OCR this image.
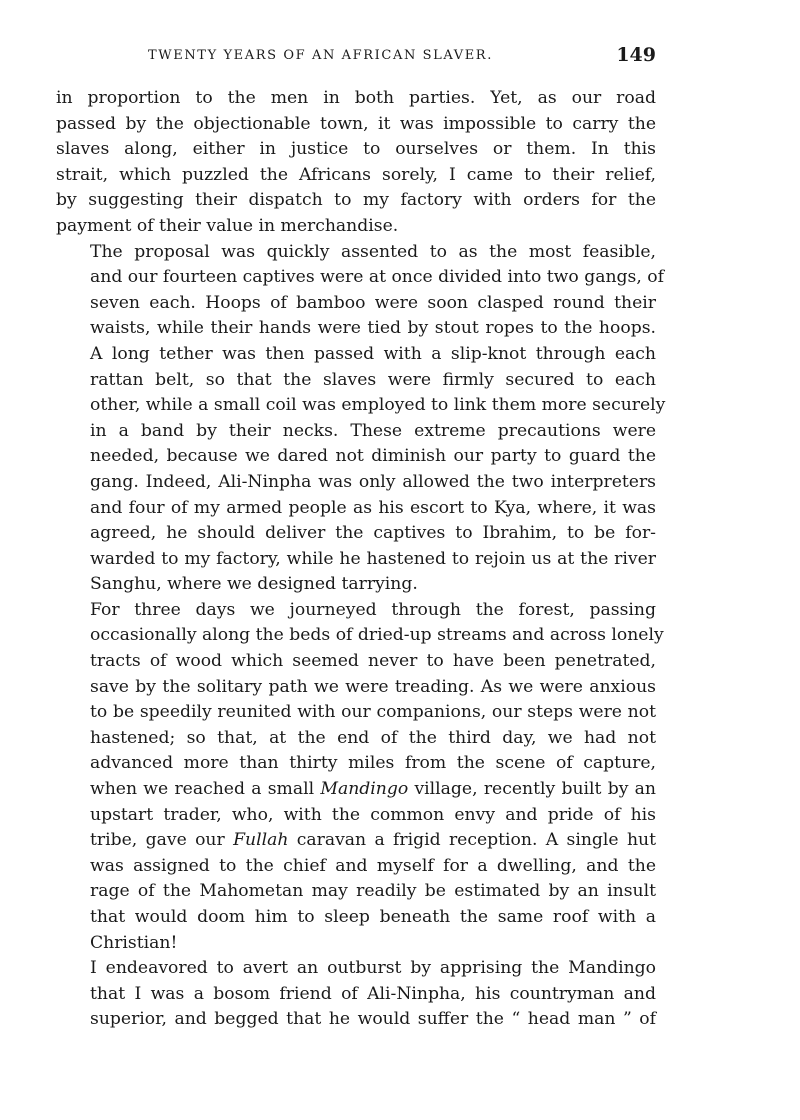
TWENTY YEARS OF AN AFRICAN SLAVER.	149
in proportion to the men in both parties. Yet, as our road
passed by the objectionable town, it was impossible to carry the
slaves along, either in justice to ourselves or them. In this
strait, which puzzled the Africans sorely, I came to their relief,
by suggesting their dispatch to my factory with orders for the
payment of their value in merchandise.
The proposal was quickly assented to as the most feasible,
and our fourteen captives were at once divided into two gangs, of
seven each. Hoops of bamboo were soon clasped round their
waists, while their hands were tied by stout ropes to the hoops.
A long tether was then passed with a slip-knot through each
rattan belt, so that the slaves were firmly secured to each
other, while a small coil was employed to link them more securely
in a band by their necks. These extreme precautions were
needed, because we dared not diminish our party to guard the
gang. Indeed, Ali-Ninpha was only allowed the two interpreters
and four of my armed people as his escort to Kya, where, it was
agreed, he should deliver the captives to Ibrahim, to be for-
warded to my factory, while he hastened to rejoin us at the river
Sanghu, where we designed tarrying.
For three days we journeyed through the forest, passing
occasionally along the beds of dried-up streams and across lonely
tracts of wood which seemed never to have been penetrated,
save by the solitary path we were treading. As we were anxious
to be speedily reunited with our companions, our steps were not
hastened; so that, at the end of the third day, we had not
advanced more than thirty miles from the scene of capture,
when we reached a small Mandingo village, recently built by an
upstart trader, who, with the common envy and pride of his
tribe, gave our Fullah caravan a frigid reception. A single hut
was assigned to the chief and myself for a dwelling, and the
rage of the Mahometan may readily be estimated by an insult
that would doom him to sleep beneath the same roof with a
Christian!
I endeavored to avert an outburst by apprising the Mandingo
that I was a bosom friend of Ali-Ninpha, his countryman and
superior, and begged that he would suffer the “ head man ” of
